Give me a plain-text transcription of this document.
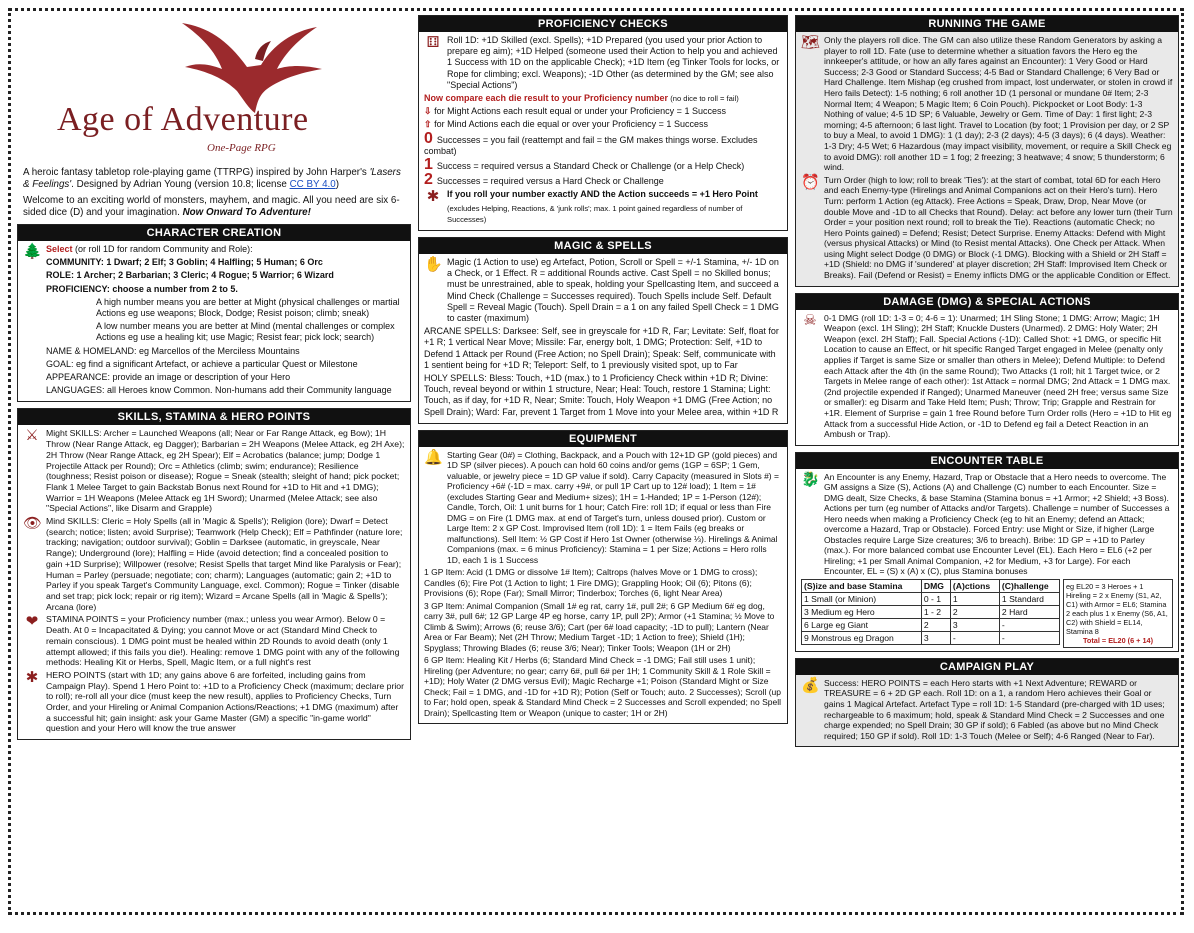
Age of Adventure
One-Page RPG

A heroic fantasy tabletop role-playing game (TTRPG) inspired by John Harper's 'Lasers & Feelings'. Designed by Adrian Young (version 10.8; license CC BY 4.0)

Welcome to an exciting world of monsters, mayhem, and magic. All you need are six 6-sided dice (D) and your imagination. Now Onward To Adventure!

CHARACTER CREATION
🌲 Select (or roll 1D for random Community and Role):

COMMUNITY: 1 Dwarf; 2 Elf; 3 Goblin; 4 Halfling; 5 Human; 6 Orc

ROLE: 1 Archer; 2 Barbarian; 3 Cleric; 4 Rogue; 5 Warrior; 6 Wizard

PROFICIENCY: choose a number from 2 to 5.

A high number means you are better at Might (physical challenges or martial Actions eg use weapons; Block, Dodge; Resist poison; climb; sneak)

A low number means you are better at Mind (mental challenges or complex Actions eg use a healing kit; use Magic; Resist fear; pick lock; search)

NAME & HOMELAND: eg Marcellos of the Merciless Mountains

GOAL: eg find a significant Artefact, or achieve a particular Quest or Milestone

APPEARANCE: provide an image or description of your Hero

LANGUAGES: all Heroes know Common. Non-humans add their Community language

SKILLS, STAMINA & HERO POINTS
⚔ Might SKILLS: Archer = Launched Weapons (all; Near or Far Range Attack, eg Bow); 1H Throw (Near Range Attack, eg Dagger); Barbarian = 2H Weapons (Melee Attack, eg 2H Axe); 2H Throw (Near Range Attack, eg 2H Spear); Elf = Acrobatics (balance; jump; Dodge 1 Projectile Attack per Round); Orc = Athletics (climb; swim; endurance); Resilience (toughness; Resist poison or disease); Rogue = Sneak (stealth; sleight of hand; pick pocket; Flank 1 Melee Target to gain Backstab Bonus next Round for +1D to Hit and +1 DMG); Warrior = 1H Weapons (Melee Attack eg 1H Sword); Unarmed (Melee Attack; see also "Special Actions", like Disarm and Grapple)

👁 Mind SKILLS: Cleric = Holy Spells (all in 'Magic & Spells'); Religion (lore); Dwarf = Detect (search; notice; listen; avoid Surprise); Teamwork (Help Check); Elf = Pathfinder (nature lore; tracking; navigation; outdoor survival); Goblin = Darksee (automatic, in greyscale, Near Range); Underground (lore); Halfling = Hide (avoid detection; find a concealed position to gain +1D Surprise); Willpower (resolve; Resist Spells that target Mind like Paralysis or Fear); Human = Parley (persuade; negotiate; con; charm); Languages (automatic; gain 2; +1D to Parley if you speak Target's Community Language, excl. Common); Rogue = Tinker (disable and set trap; pick lock; repair or rig item); Wizard = Arcane Spells (all in 'Magic & Spells'); Arcana (lore)

❤ STAMINA POINTS = your Proficiency number (max.; unless you wear Armor). Below 0 = Death. At 0 = Incapacitated & Dying; you cannot Move or act (Standard Mind Check to remain conscious). 1 DMG point must be healed within 2D Rounds to avoid death (only 1 attempt allowed; if this fails you die!). Healing: remove 1 DMG point with any of the following methods: Healing Kit or Herbs, Spell, Magic Item, or a full night's rest

✱ HERO POINTS (start with 1D; any gains above 6 are forfeited, including gains from Campaign Play). Spend 1 Hero Point to: +1D to a Proficiency Check (maximum; declare prior to roll); re-roll all your dice (must keep the new result), applies to Proficiency Checks, Turn Order, and your Hireling or Animal Companion Actions/Reactions; +1 DMG (maximum) after a successful hit; gain insight: ask your Game Master (GM) a specific "in-game world" question and your Hero will know the true answer

PROFICIENCY CHECKS
⚅ Roll 1D: +1D Skilled (excl. Spells); +1D Prepared (you used your prior Action to prepare eg aim); +1D Helped (someone used their Action to help you and achieved 1 Success with 1D on the applicable Check); +1D Item (eg Tinker Tools for locks, or Rope for climbing; excl. Weapons); -1D Other (as determined by the GM; see also "Special Actions")

Now compare each die result to your Proficiency number (no dice to roll = fail)

⇩ for Might Actions each result equal or under your Proficiency = 1 Success

⇧ for Mind Actions each die equal or over your Proficiency = 1 Success

0 Successes = you fail (reattempt and fail = the GM makes things worse. Excludes combat)

1 Success = required versus a Standard Check or Challenge (or a Help Check)

2 Successes = required versus a Hard Check or Challenge

✱ If you roll your number exactly AND the Action succeeds = +1 Hero Point

(excludes Helping, Reactions, & 'junk rolls'; max. 1 point gained regardless of number of Successes)

MAGIC & SPELLS
✋ Magic (1 Action to use) eg Artefact, Potion, Scroll or Spell = +/-1 Stamina, +/- 1D on a Check, or 1 Effect. R = additional Rounds active. Cast Spell = no Skilled bonus; must be unrestrained, able to speak, holding your Spellcasting Item, and succeed a Mind Check (Challenge = Successes required). Touch Spells include Self. Default Spell = Reveal Magic (Touch). Spell Drain = a 1 on any failed Spell Check = 1 DMG to caster (maximum)

ARCANE SPELLS: Darksee: Self, see in greyscale for +1D R, Far; Levitate: Self, float for +1 R; 1 vertical Near Move; Missile: Far, energy bolt, 1 DMG; Protection: Self, +1D to Defend 1 Attack per Round (Free Action; no Spell Drain); Speak: Self, communicate with 1 sentient being for +1D R; Teleport: Self, to 1 previously visited spot, up to Far

HOLY SPELLS: Bless: Touch, +1D (max.) to 1 Proficiency Check within +1D R; Divine: Touch, reveal beyond or within 1 structure, Near; Heal: Touch, restore 1 Stamina; Light: Touch, as if day, for +1D R, Near; Smite: Touch, Holy Weapon +1 DMG (Free Action; no Spell Drain); Ward: Far, prevent 1 Target from 1 Move into your Melee area, within +1D R

EQUIPMENT
🔔 Starting Gear (0#) = Clothing, Backpack, and a Pouch with 12+1D GP (gold pieces) and 1D SP (silver pieces). A pouch can hold 60 coins and/or gems (1GP = 6SP; 1 Gem, valuable, or jewelry piece = 1D GP value if sold). Carry Capacity (measured in Slots #) = Proficiency +6# (-1D = max. carry +9#, or pull 1P Cart up to 12# load); 1 Item = 1# (excludes Starting Gear and Medium+ sizes); 1H = 1-Handed; 1P = 1-Person (12#); Candle, Torch, Oil: 1 unit burns for 1 hour; Catch Fire: roll 1D; if equal or less than Fire DMG = on Fire (1 DMG max. at end of Target's turn, unless doused prior). Custom or Large Item: 2 x GP Cost. Improvised Item (roll 1D): 1 = Item Fails (eg breaks or malfunctions). Sell Item: ½ GP Cost if Hero 1st Owner (otherwise ⅓). Hirelings & Animal Companions (max. = 6 minus Proficiency): Stamina = 1 per Size; Actions = Hero rolls 1D, each 1 is 1 Success

1 GP Item: Acid (1 DMG or dissolve 1# Item); Caltrops (halves Move or 1 DMG to cross); Candles (6); Fire Pot (1 Action to light; 1 Fire DMG); Grappling Hook; Oil (6); Pitons (6); Provisions (6); Rope (Far); Small Mirror; Tinderbox; Torches (6, light Near Area)

3 GP Item: Animal Companion (Small 1# eg rat, carry 1#, pull 2#; 6 GP Medium 6# eg dog, carry 3#, pull 6#; 12 GP Large 4P eg horse, carry 1P, pull 2P); Armor (+1 Stamina; ½ Move to Climb & Swim); Arrows (6; reuse 3/6); Cart (per 6# load capacity; -1D to pull); Lantern (Near Area or Far Beam); Net (2H Throw; Medium Target -1D; 1 Action to free); Shield (1H); Spyglass; Throwing Blades (6; reuse 3/6; Near); Tinker Tools; Weapon (1H or 2H)

6 GP Item: Healing Kit / Herbs (6; Standard Mind Check = -1 DMG; Fail still uses 1 unit); Hireling (per Adventure; no gear; carry 6#, pull 6# per 1H; 1 Community Skill & 1 Role Skill = +1D); Holy Water (2 DMG versus Evil); Magic Recharge +1; Poison (Standard Might or Size Check; Fail = 1 DMG, and -1D for +1D R); Potion (Self or Touch; auto. 2 Successes); Scroll (up to Far; hold open, speak & Standard Mind Check = 2 Successes and Scroll expended; no Spell Drain); Spellcasting Item or Weapon (unique to caster; 1H or 2H)

RUNNING THE GAME
🗺 Only the players roll dice. The GM can also utilize these Random Generators by asking a player to roll 1D. Fate (use to determine whether a situation favors the Hero eg the innkeeper's attitude, or how an ally fares against an Encounter): 1 Very Good or Hard Success; 2-3 Good or Standard Success; 4-5 Bad or Standard Challenge; 6 Very Bad or Hard Challenge. Item Mishap (eg crushed from impact, lost underwater, or stolen in crowd if Hero fails Detect): 1-5 nothing; 6 roll another 1D (1 personal or mundane 0# Item; 2-3 Normal Item; 4 Weapon; 5 Magic Item; 6 Coin Pouch). Pickpocket or Loot Body: 1-3 Nothing of value; 4-5 1D SP; 6 Valuable, Jewelry or Gem. Time of Day: 1 first light; 2-3 morning; 4-5 afternoon; 6 last light. Travel to Location (by foot; 1 Provision per day, or 2 SP to buy a Meal, to avoid 1 DMG): 1 (1 day); 2-3 (2 days); 4-5 (3 days); 6 (4 days). Weather: 1-3 Dry; 4-5 Wet; 6 Hazardous (may impact visibility, movement, or require a Skill Check eg to avoid DMG): roll another 1D = 1 fog; 2 freezing; 3 heatwave; 4 snow; 5 thunderstorm; 6 wind.

⏰ Turn Order (high to low; roll to break 'Ties'): at the start of combat, total 6D for each Hero and each Enemy-type (Hirelings and Animal Companions act on their Hero's turn). Hero Turn: perform 1 Action (eg Attack). Free Actions = Speak, Draw, Drop, Near Move (or double Move and -1D to all Checks that Round). Delay: act before any lower turn (their Turn Order = your position next round; roll to break the Tie). Reactions (automatic Check; no Hero Points gained) = Defend; Resist; Detect Surprise. Enemy Attacks: Defend with Might (versus physical Attacks) or Mind (to Resist mental Attacks). One Check per Attack. When using Might select Dodge (0 DMG) or Block (-1 DMG). Blocking with a Shield or 2H Staff = +1D (Shield: no DMG if 'sundered' at player discretion; 2H Staff: Improvised Item Check or Breaks). Fail (Defend or Resist) = Enemy inflicts DMG or the applicable Condition or Effect.

DAMAGE (DMG) & SPECIAL ACTIONS
☠ 0-1 DMG (roll 1D: 1-3 = 0; 4-6 = 1): Unarmed; 1H Sling Stone; 1 DMG: Arrow; Magic; 1H Weapon (excl. 1H Sling); 2H Staff; Knuckle Dusters (Unarmed). 2 DMG: Holy Water; 2H Weapon (excl. 2H Staff); Fall. Special Actions (-1D): Called Shot: +1 DMG, or specific Hit Location to cause an Effect, or hit specific Ranged Target engaged in Melee (penalty only applies if Target is same Size or smaller than others in Melee); Defend Multiple: to Defend each Attack after the 4th (in the same Round); Two Attacks (1 roll; hit 1 Target twice, or 2 Targets in Melee range of each other): 1st Attack = normal DMG; 2nd Attack = 1 DMG max. (2nd projectile expended if Ranged); Unarmed Maneuver (need 2H free; versus same Size or smaller): eg Disarm and Take Held Item; Push; Throw; Trip; Grapple and Restrain for +1R. Element of Surprise = gain 1 free Round before Turn Order rolls (Hero = +1D to Hit eg Attack from a successful Hide Action, or -1D to Defend eg fail a Detect Reaction in an Ambush or Trap).

ENCOUNTER TABLE
🐉 An Encounter is any Enemy, Hazard, Trap or Obstacle that a Hero needs to overcome. The GM assigns a Size (S), Actions (A) and Challenge (C) number to each Encounter. Size = DMG dealt, Size Checks, & base Stamina (Stamina bonus = +1 Armor; +2 Shield; +3 Boss). Actions per turn (eg number of Attacks and/or Targets). Challenge = number of Successes a Hero needs when making a Proficiency Check (eg to hit an Enemy; defend an Attack; overcome a Hazard, Trap or Obstacle). Forced Entry: use Might or Size, if higher (Large Obstacles require Large Size creatures; 3/6 to breach). Bribe: 1D GP = +1D to Parley (max.). For more balanced combat use Encounter Level (EL). Each Hero = EL6 (+2 per Hireling; +1 per Small Animal Companion, +2 for Medium, +3 for Large). For each Encounter, EL = (S) x (A) x (C), plus Stamina bonuses

(S)ize and base Stamina	DMG	(A)ctions	(C)hallenge
1 Small (or Minion)	0 - 1	1	1 Standard
3 Medium eg Hero	1 - 2	2	2 Hard
6 Large eg Giant	2	3	-
9 Monstrous eg Dragon	3	-	-
eg EL20 = 3 Heroes + 1 Hireling = 2 x Enemy (S1, A2, C1) with Armor = EL6; Stamina 2 each plus 1 x Enemy (S6, A1, C2) with Shield = EL14, Stamina 8
Total = EL20 (6 + 14)
CAMPAIGN PLAY
💰 Success: HERO POINTS = each Hero starts with +1 Next Adventure; REWARD or TREASURE = 6 + 2D GP each. Roll 1D: on a 1, a random Hero achieves their Goal or gains 1 Magical Artefact. Artefact Type = roll 1D: 1-5 Standard (pre-charged with 1D uses; rechargeable to 6 maximum; hold, speak & Standard Mind Check = 2 Successes and one charge expended; no Spell Drain; 30 GP if sold); 6 Fabled (as above but no Mind Check required; 150 GP if sold). Roll 1D: 1-3 Touch (Melee or Self); 4-6 Ranged (Near to Far).
